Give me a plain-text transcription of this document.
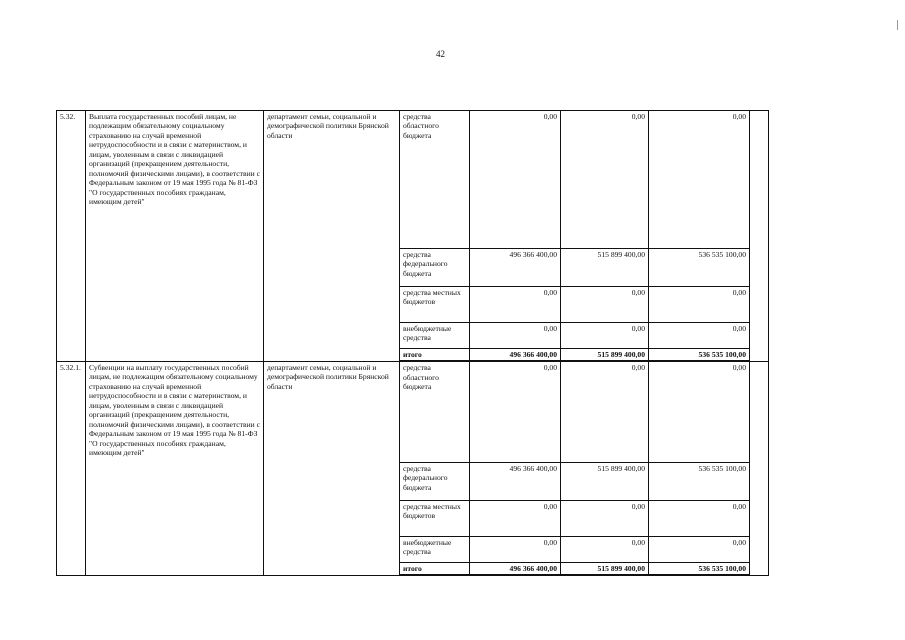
42
5.32.	Выплата государственных пособий лицам, не подлежащим обязательному социальному страхованию на случай временной нетрудоспособности и в связи с материнством, и лицам, уволенным в связи с ликвидацией организаций (прекращением деятельности, полномочий физическими лицами), в соответствии с Федеральным законом от 19 мая 1995 года № 81-ФЗ "О государственных пособиях гражданам, имеющим детей"	департамент семьи, социальной и демографической политики Брянской области	средства областного бюджета	0,00	0,00	0,00	
			средства федерального бюджета	496 366 400,00	515 899 400,00	536 535 100,00	
			средства местных бюджетов	0,00	0,00	0,00	
			внебюджетные средства	0,00	0,00	0,00	
			итого	496 366 400,00	515 899 400,00	536 535 100,00	
5.32.1.	Субвенции на выплату государственных пособий лицам, не подлежащим обязательному социальному страхованию на случай временной нетрудоспособности и в связи с материнством, и лицам, уволенным в связи с ликвидацией организаций (прекращением деятельности, полномочий физическими лицами), в соответствии с Федеральным законом от 19 мая 1995 года № 81-ФЗ "О государственных пособиях гражданам, имеющим детей"	департамент семьи, социальной и демографической политики Брянской области	средства областного бюджета	0,00	0,00	0,00	
			средства федерального бюджета	496 366 400,00	515 899 400,00	536 535 100,00	
			средства местных бюджетов	0,00	0,00	0,00	
			внебюджетные средства	0,00	0,00	0,00	
			итого	496 366 400,00	515 899 400,00	536 535 100,00	
